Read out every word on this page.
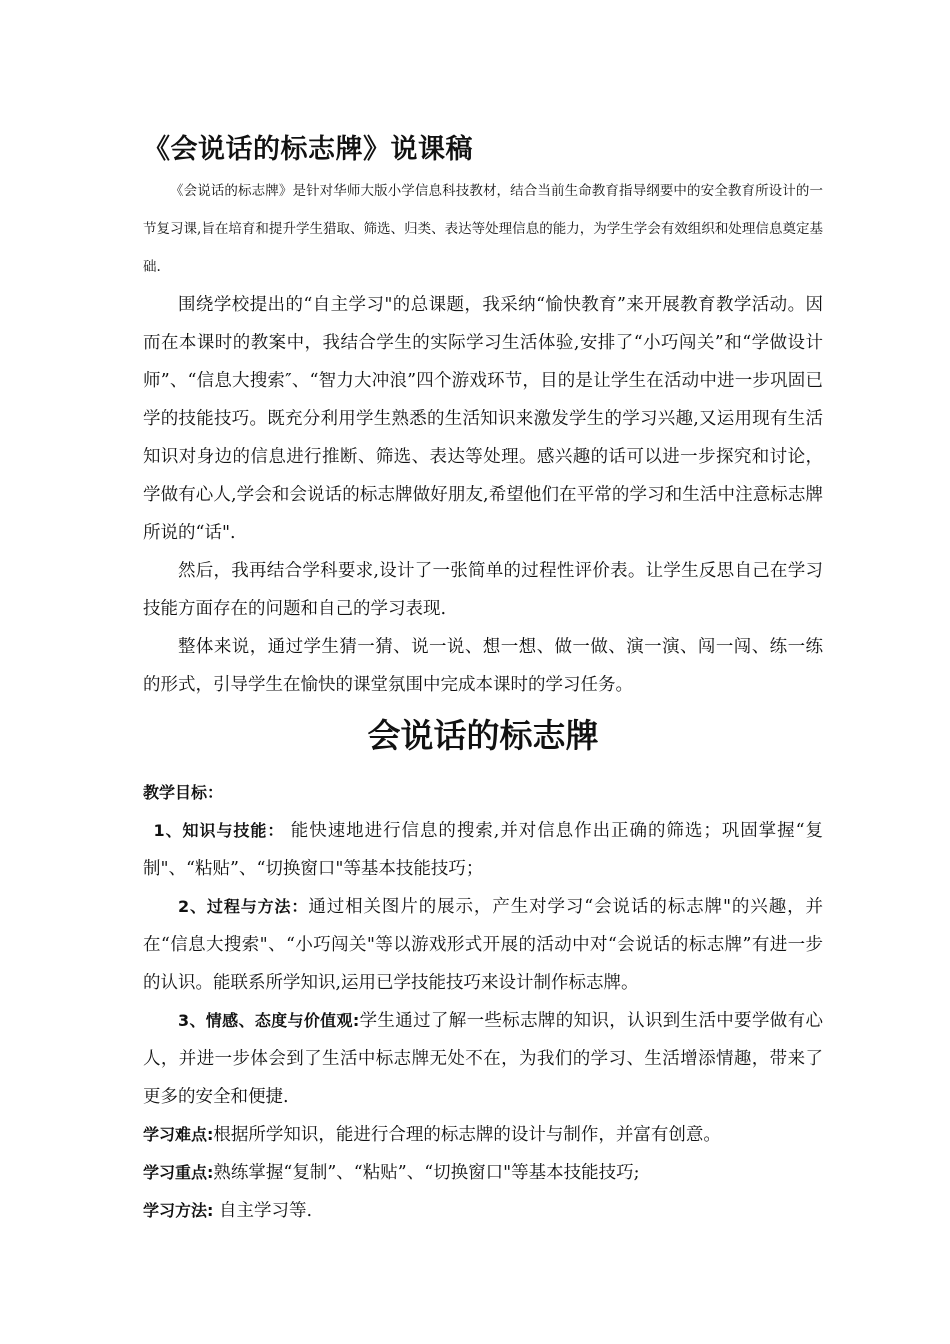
《会说话的标志牌》说课稿

《会说话的标志牌》是针对华师大版小学信息科技教材，结合当前生命教育指导纲要中的安全教育所设计的一节复习课,旨在培育和提升学生猎取、筛选、归类、表达等处理信息的能力，为学生学会有效组织和处理信息奠定基础.

围绕学校提出的“自主学习"的总课题，我采纳“愉快教育”来开展教育教学活动。因而在本课时的教案中，我结合学生的实际学习生活体验,安排了“小巧闯关”和“学做设计师”、“信息大搜索″、“智力大冲浪”四个游戏环节，目的是让学生在活动中进一步巩固已学的技能技巧。既充分利用学生熟悉的生活知识来激发学生的学习兴趣,又运用现有生活知识对身边的信息进行推断、筛选、表达等处理。感兴趣的话可以进一步探究和讨论，学做有心人,学会和会说话的标志牌做好朋友,希望他们在平常的学习和生活中注意标志牌所说的“话".

然后，我再结合学科要求,设计了一张简单的过程性评价表。让学生反思自己在学习技能方面存在的问题和自己的学习表现.

整体来说，通过学生猜一猜、说一说、想一想、做一做、演一演、闯一闯、练一练的形式，引导学生在愉快的课堂氛围中完成本课时的学习任务。

会说话的标志牌

教学目标：

1、知识与技能： 能快速地进行信息的搜索,并对信息作出正确的筛选；巩固掌握“复制"、“粘贴”、“切换窗口"等基本技能技巧；

2、过程与方法：通过相关图片的展示，产生对学习“会说话的标志牌"的兴趣，并在“信息大搜索"、“小巧闯关"等以游戏形式开展的活动中对“会说话的标志牌”有进一步的认识。能联系所学知识,运用已学技能技巧来设计制作标志牌。

3、情感、态度与价值观:学生通过了解一些标志牌的知识，认识到生活中要学做有心人，并进一步体会到了生活中标志牌无处不在，为我们的学习、生活增添情趣，带来了更多的安全和便捷.

学习难点:根据所学知识，能进行合理的标志牌的设计与制作，并富有创意。

学习重点:熟练掌握“复制”、“粘贴”、“切换窗口"等基本技能技巧;

学习方法: 自主学习等.
